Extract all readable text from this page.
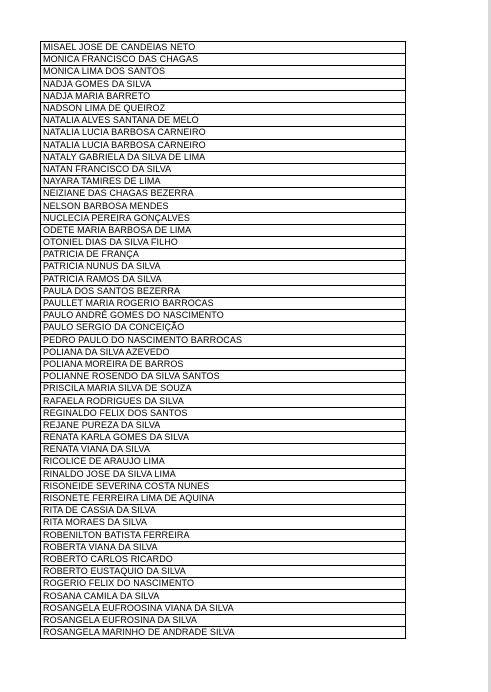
MISAEL JOSE DE CANDEIAS NETO
MONICA FRANCISCO DAS CHAGAS
MONICA LIMA DOS SANTOS
NADJA GOMES DA SILVA
NADJA MARIA BARRETO
NADSON LIMA DE QUEIROZ
NATALIA ALVES SANTANA DE MELO
NATALIA LUCIA BARBOSA CARNEIRO
NATALIA LUCIA BARBOSA CARNEIRO
NATALY GABRIELA DA SILVA DE LIMA
NATAN FRANCISCO DA SILVA
NAYARA TAMIRES DE LIMA
NEIZIANE DAS CHAGAS BEZERRA
NELSON BARBOSA MENDES
NUCLECIA PEREIRA GONÇALVES
ODETE MARIA BARBOSA DE LIMA
OTONIEL DIAS DA SILVA FILHO
PATRICIA DE FRANÇA
PATRICIA NUNUS DA SILVA
PATRICIA RAMOS DA SILVA
PAULA DOS SANTOS BEZERRA
PAULLET MARIA ROGERIO BARROCAS
PAULO ANDRÉ GOMES DO NASCIMENTO
PAULO SERGIO DA CONCEIÇÃO
PEDRO PAULO DO NASCIMENTO BARROCAS
POLIANA DA SILVA AZEVEDO
POLIANA MOREIRA DE BARROS
POLIANNE ROSENDO DA SILVA SANTOS
PRISCILA MARIA SILVA DE SOUZA
RAFAELA RODRIGUES DA SILVA
REGINALDO FELIX DOS SANTOS
REJANE PUREZA DA SILVA
RENATA KARLA GOMES DA SILVA
RENATA VIANA DA SILVA
RICOLICE DE ARAUJO LIMA
RINALDO JOSE DA SILVA LIMA
RISONEIDE SEVERINA COSTA NUNES
RISONETE FERREIRA LIMA DE AQUINA
RITA DE CASSIA DA SILVA
RITA MORAES DA SILVA
ROBENILTON BATISTA FERREIRA
ROBERTA VIANA DA SILVA
ROBERTO CARLOS RICARDO
ROBERTO EUSTAQUIO DA SILVA
ROGERIO FELIX DO NASCIMENTO
ROSANA CAMILA DA SILVA
ROSANGELA EUFROOSINA VIANA DA SILVA
ROSANGELA EUFROSINA DA SILVA
ROSANGELA MARINHO DE ANDRADE SILVA
